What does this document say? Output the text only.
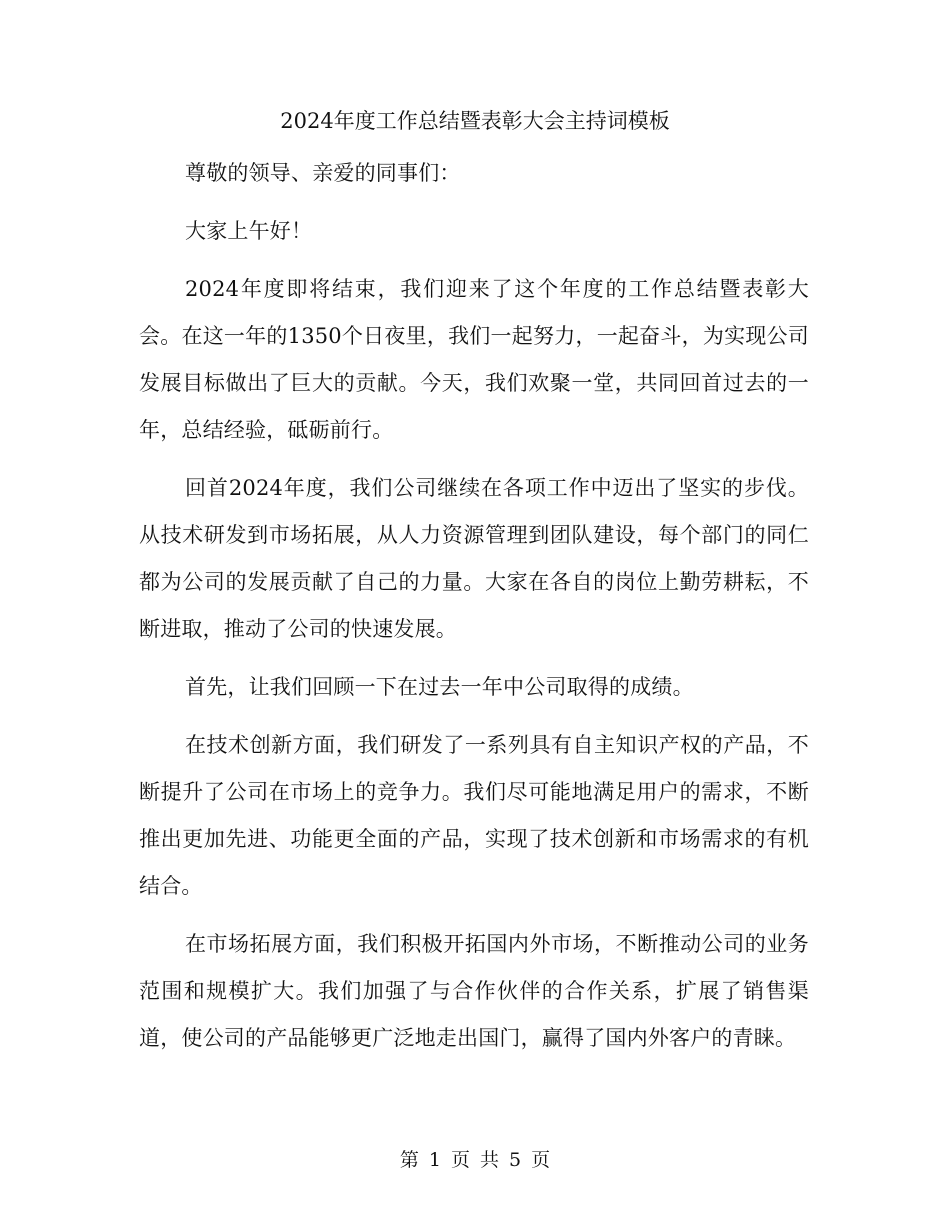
2024年度工作总结暨表彰大会主持词模板

尊敬的领导、亲爱的同事们：

大家上午好！

2024年度即将结束，我们迎来了这个年度的工作总结暨表彰大会。在这一年的1350个日夜里，我们一起努力，一起奋斗，为实现公司发展目标做出了巨大的贡献。今天，我们欢聚一堂，共同回首过去的一年，总结经验，砥砺前行。

回首2024年度，我们公司继续在各项工作中迈出了坚实的步伐。从技术研发到市场拓展，从人力资源管理到团队建设，每个部门的同仁都为公司的发展贡献了自己的力量。大家在各自的岗位上勤劳耕耘，不断进取，推动了公司的快速发展。

首先，让我们回顾一下在过去一年中公司取得的成绩。

在技术创新方面，我们研发了一系列具有自主知识产权的产品，不断提升了公司在市场上的竞争力。我们尽可能地满足用户的需求，不断推出更加先进、功能更全面的产品，实现了技术创新和市场需求的有机结合。

在市场拓展方面，我们积极开拓国内外市场，不断推动公司的业务范围和规模扩大。我们加强了与合作伙伴的合作关系，扩展了销售渠道，使公司的产品能够更广泛地走出国门，赢得了国内外客户的青睐。

第 1 页 共 5 页
